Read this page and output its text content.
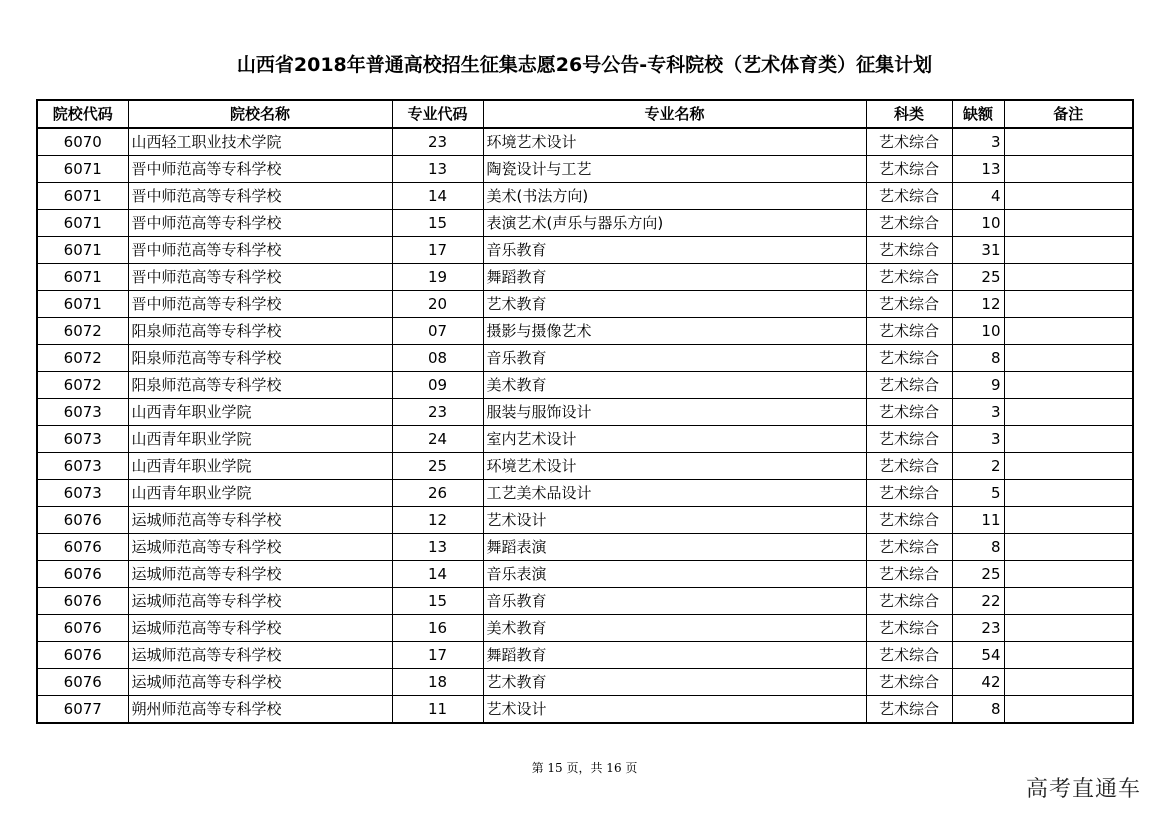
山西省2018年普通高校招生征集志愿26号公告-专科院校（艺术体育类）征集计划
院校代码	院校名称	专业代码	专业名称	科类	缺额	备注
6070	山西轻工职业技术学院	23	环境艺术设计	艺术综合	3	
6071	晋中师范高等专科学校	13	陶瓷设计与工艺	艺术综合	13	
6071	晋中师范高等专科学校	14	美术(书法方向)	艺术综合	4	
6071	晋中师范高等专科学校	15	表演艺术(声乐与器乐方向)	艺术综合	10	
6071	晋中师范高等专科学校	17	音乐教育	艺术综合	31	
6071	晋中师范高等专科学校	19	舞蹈教育	艺术综合	25	
6071	晋中师范高等专科学校	20	艺术教育	艺术综合	12	
6072	阳泉师范高等专科学校	07	摄影与摄像艺术	艺术综合	10	
6072	阳泉师范高等专科学校	08	音乐教育	艺术综合	8	
6072	阳泉师范高等专科学校	09	美术教育	艺术综合	9	
6073	山西青年职业学院	23	服装与服饰设计	艺术综合	3	
6073	山西青年职业学院	24	室内艺术设计	艺术综合	3	
6073	山西青年职业学院	25	环境艺术设计	艺术综合	2	
6073	山西青年职业学院	26	工艺美术品设计	艺术综合	5	
6076	运城师范高等专科学校	12	艺术设计	艺术综合	11	
6076	运城师范高等专科学校	13	舞蹈表演	艺术综合	8	
6076	运城师范高等专科学校	14	音乐表演	艺术综合	25	
6076	运城师范高等专科学校	15	音乐教育	艺术综合	22	
6076	运城师范高等专科学校	16	美术教育	艺术综合	23	
6076	运城师范高等专科学校	17	舞蹈教育	艺术综合	54	
6076	运城师范高等专科学校	18	艺术教育	艺术综合	42	
6077	朔州师范高等专科学校	11	艺术设计	艺术综合	8	
第 15 页，共 16 页
高考直通车
